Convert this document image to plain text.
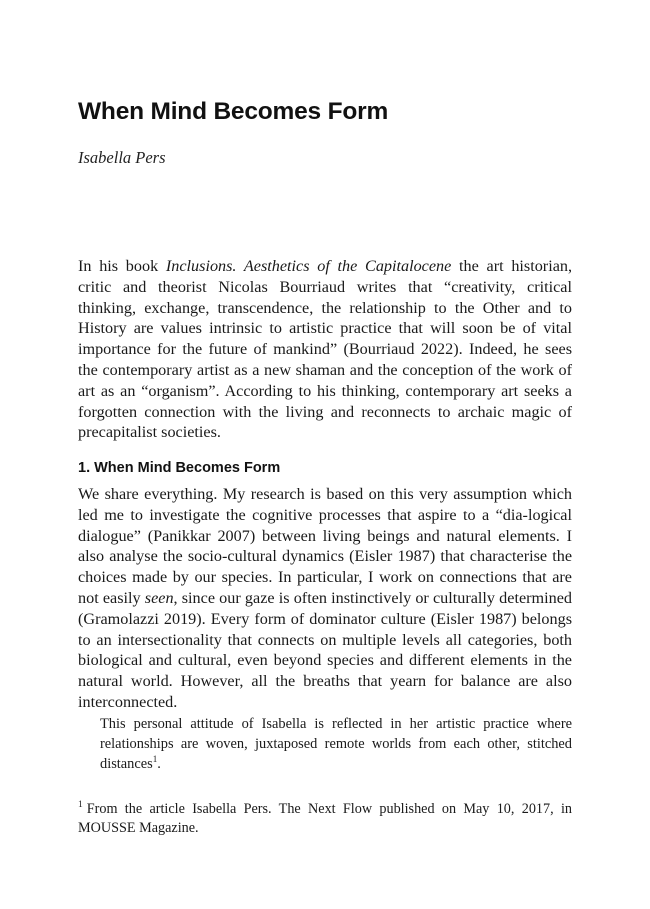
When Mind Becomes Form
Isabella Pers

In his book Inclusions. Aesthetics of the Capitalocene the art historian, critic and theorist Nicolas Bourriaud writes that “creativity, critical thinking, exchange, transcendence, the relationship to the Other and to History are values intrinsic to artistic practice that will soon be of vital importance for the future of mankind” (Bourriaud 2022). Indeed, he sees the contemporary artist as a new shaman and the conception of the work of art as an “organism”. According to his thinking, contemporary art seeks a forgotten connection with the living and reconnects to archaic magic of precapitalist societies.

1. When Mind Becomes Form

We share everything. My research is based on this very assumption which led me to investigate the cognitive processes that aspire to a “dia-logical dialogue” (Panikkar 2007) between living beings and natural elements. I also analyse the socio-cultural dynamics (Eisler 1987) that characterise the choices made by our species. In particular, I work on connections that are not easily seen, since our gaze is often instinctively or culturally determined (Gramolazzi 2019). Every form of dominator culture (Eisler 1987) belongs to an intersectionality that connects on multiple levels all categories, both biological and cultural, even beyond species and different elements in the natural world. However, all the breaths that yearn for balance are also interconnected.

This personal attitude of Isabella is reflected in her artistic practice where relationships are woven, juxtaposed remote worlds from each other, stitched distances$^1$.

$^1$ From the article Isabella Pers. The Next Flow published on May 10, 2017, in MOUSSE Magazine.
